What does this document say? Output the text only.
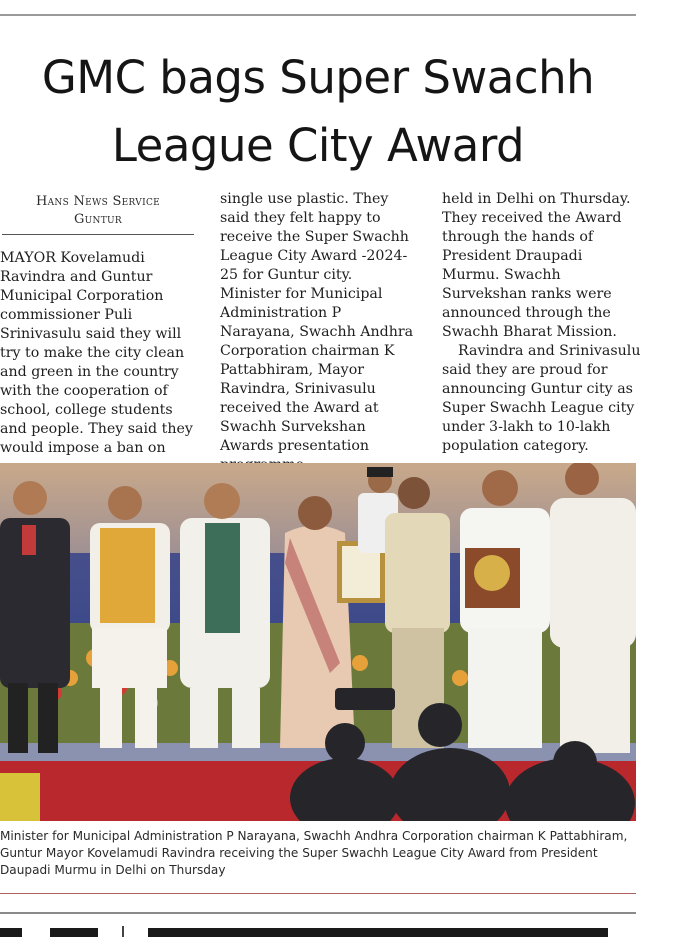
GMC bags Super Swachh League City Award

Hans News Service
Guntur

MAYOR Kovelamudi Ravindra and Guntur Municipal Corporation commissioner Puli Srinivasulu said they will try to make the city clean and green in the country with the cooperation of school, college students and people. They said they would impose a ban on

single use plastic. They said they felt happy to receive the Super Swachh League City Award -2024-25 for Guntur city. Minister for Municipal Administration P Narayana, Swachh Andhra Corporation chairman K Pattabhiram, Mayor Ravindra, Srinivasulu received the Award at Swachh Survekshan Awards presentation

held in Delhi on Thursday. They received the Award through the hands of President Draupadi Murmu. Swachh Survekshan ranks were announced through the Swachh Bharat Mission.

Ravindra and Srinivasulu said they are proud for announcing Guntur city as Super Swachh League city under 3-lakh to 10-lakh population category.

Minister for Municipal Administration P Narayana, Swachh Andhra Corporation chairman K Pattabhiram, Guntur Mayor Kovelamudi Ravindra receiving the Super Swachh League City Award from President Daupadi Murmu in Delhi on Thursday
